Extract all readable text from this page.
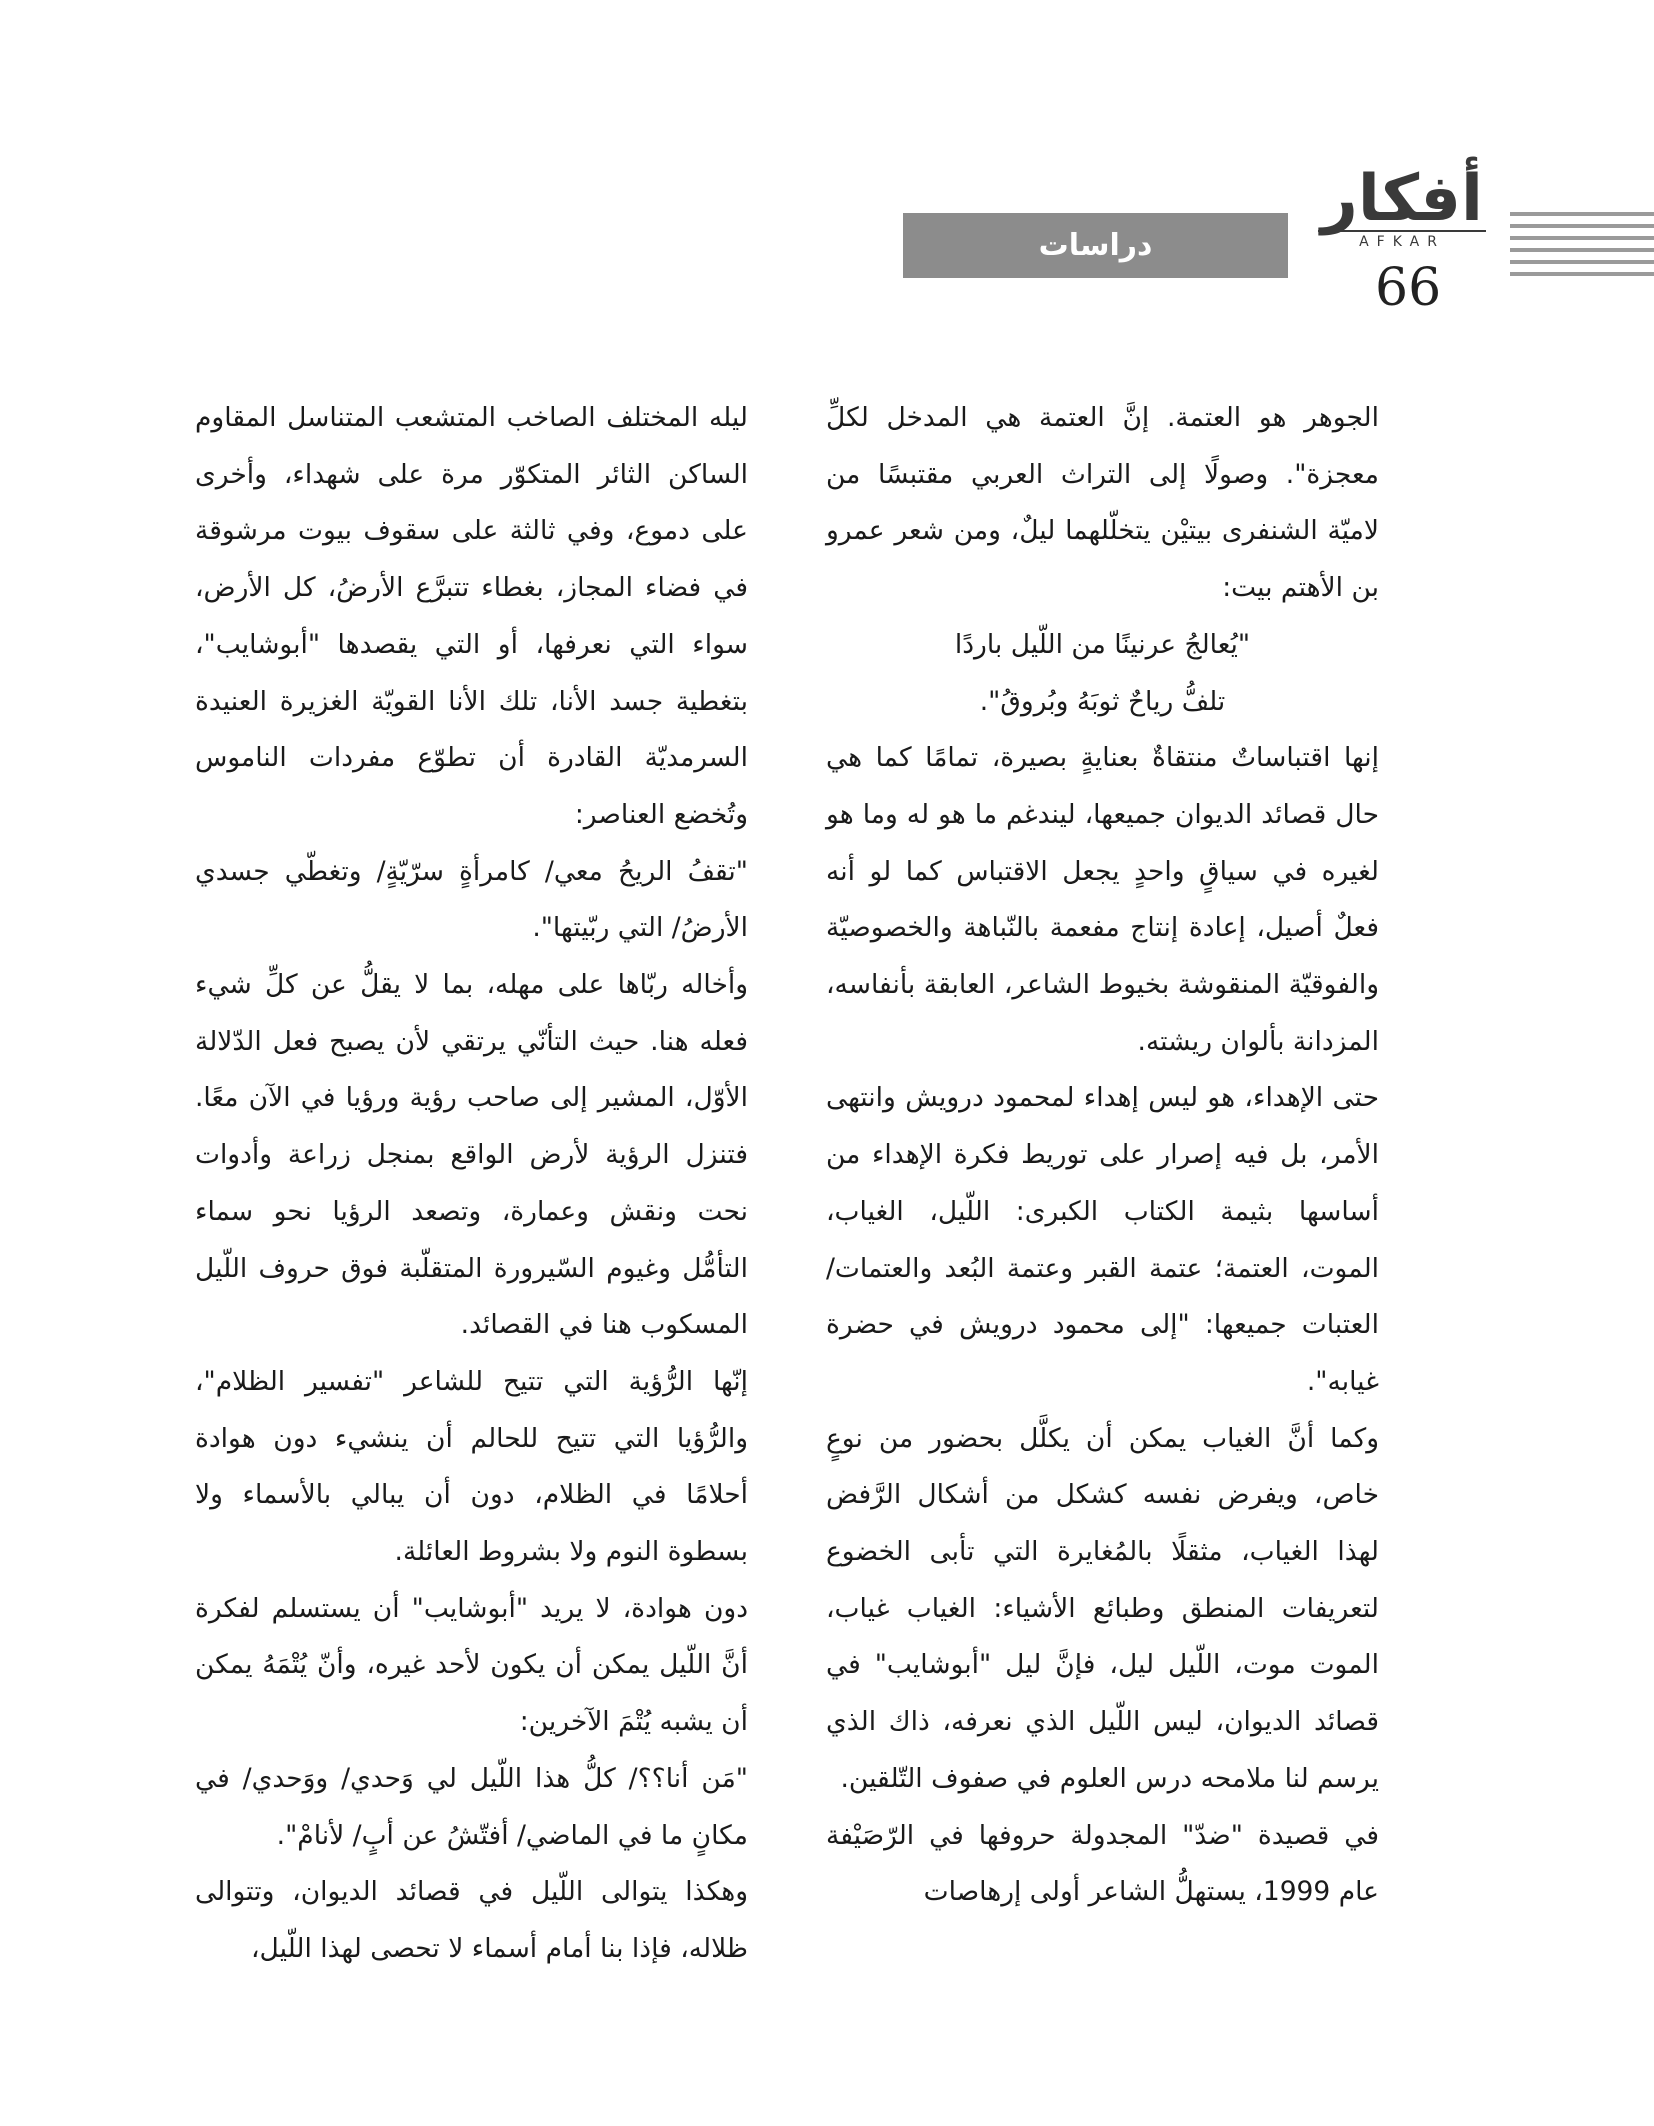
دراسات
أفكار
AFKAR
66

الجوهر هو العتمة. إنَّ العتمة هي المدخل لكلِّ معجزة". وصولًا إلى التراث العربي مقتبسًا من لاميّة الشنفرى بيتيْن يتخلّلهما ليلٌ، ومن شعر عمرو بن الأهتم بيت:

"يُعالجُ عرنينًا من اللّيل باردًا

تلفُّ رياحٌ ثوبَهُ وبُروقُ".

إنها اقتباساتٌ منتقاةٌ بعنايةٍ بصيرة، تمامًا كما هي حال قصائد الديوان جميعها، ليندغم ما هو له وما هو لغيره في سياقٍ واحدٍ يجعل الاقتباس كما لو أنه فعلٌ أصيل، إعادة إنتاج مفعمة بالنّباهة والخصوصيّة والفوقيّة المنقوشة بخيوط الشاعر، العابقة بأنفاسه، المزدانة بألوان ريشته.

حتى الإهداء، هو ليس إهداء لمحمود درويش وانتهى الأمر، بل فيه إصرار على توريط فكرة الإهداء من أساسها بثيمة الكتاب الكبرى: اللّيل، الغياب، الموت، العتمة؛ عتمة القبر وعتمة البُعد والعتمات/ العتبات جميعها: "إلى محمود درويش في حضرة غيابه".

وكما أنَّ الغياب يمكن أن يكلَّل بحضور من نوعٍ خاص، ويفرض نفسه كشكل من أشكال الرَّفض لهذا الغياب، مثقلًا بالمُغايرة التي تأبى الخضوع لتعريفات المنطق وطبائع الأشياء: الغياب غياب، الموت موت، اللّيل ليل، فإنَّ ليل "أبوشايب" في قصائد الديوان، ليس اللّيل الذي نعرفه، ذاك الذي يرسم لنا ملامحه درس العلوم في صفوف التّلقين.

في قصيدة "ضدّ" المجدولة حروفها في الرّصَيْفة عام 1999، يستهلُّ الشاعر أولى إرهاصات

ليله المختلف الصاخب المتشعب المتناسل المقاوم الساكن الثائر المتكوّر مرة على شهداء، وأخرى على دموع، وفي ثالثة على سقوف بيوت مرشوقة في فضاء المجاز، بغطاء تتبرَّع الأرضُ، كل الأرض، سواء التي نعرفها، أو التي يقصدها "أبوشايب"، بتغطية جسد الأنا، تلك الأنا القويّة الغزيرة العنيدة السرمديّة القادرة أن تطوّع مفردات الناموس وتُخضع العناصر:

"تقفُ الريحُ معي/ كامرأةٍ سرّيّةٍ/ وتغطّي جسدي الأرضُ/ التي ربّيتها".

وأخاله ربّاها على مهله، بما لا يقلُّ عن كلِّ شيء فعله هنا. حيث التأنّي يرتقي لأن يصبح فعل الدّلالة الأوّل، المشير إلى صاحب رؤية ورؤيا في الآن معًا. فتنزل الرؤية لأرض الواقع بمنجل زراعة وأدوات نحت ونقش وعمارة، وتصعد الرؤيا نحو سماء التأمُّل وغيوم السّيرورة المتقلّبة فوق حروف اللّيل المسكوب هنا في القصائد.

إنّها الرُّؤية التي تتيح للشاعر "تفسير الظلام"، والرُّؤيا التي تتيح للحالم أن ينشيء دون هوادة أحلامًا في الظلام، دون أن يبالي بالأسماء ولا بسطوة النوم ولا بشروط العائلة.

دون هوادة، لا يريد "أبوشايب" أن يستسلم لفكرة أنَّ اللّيل يمكن أن يكون لأحد غيره، وأنّ يُتْمَهُ يمكن أن يشبه يُتْمَ الآخرين:

"مَن أنا؟؟/ كلُّ هذا اللّيل لي وَحدي/ ووَحدي/ في مكانٍ ما في الماضي/ أفتّشُ عن أبٍ/ لأنامْ".

وهكذا يتوالى اللّيل في قصائد الديوان، وتتوالى ظلاله، فإذا بنا أمام أسماء لا تحصى لهذا اللّيل،
